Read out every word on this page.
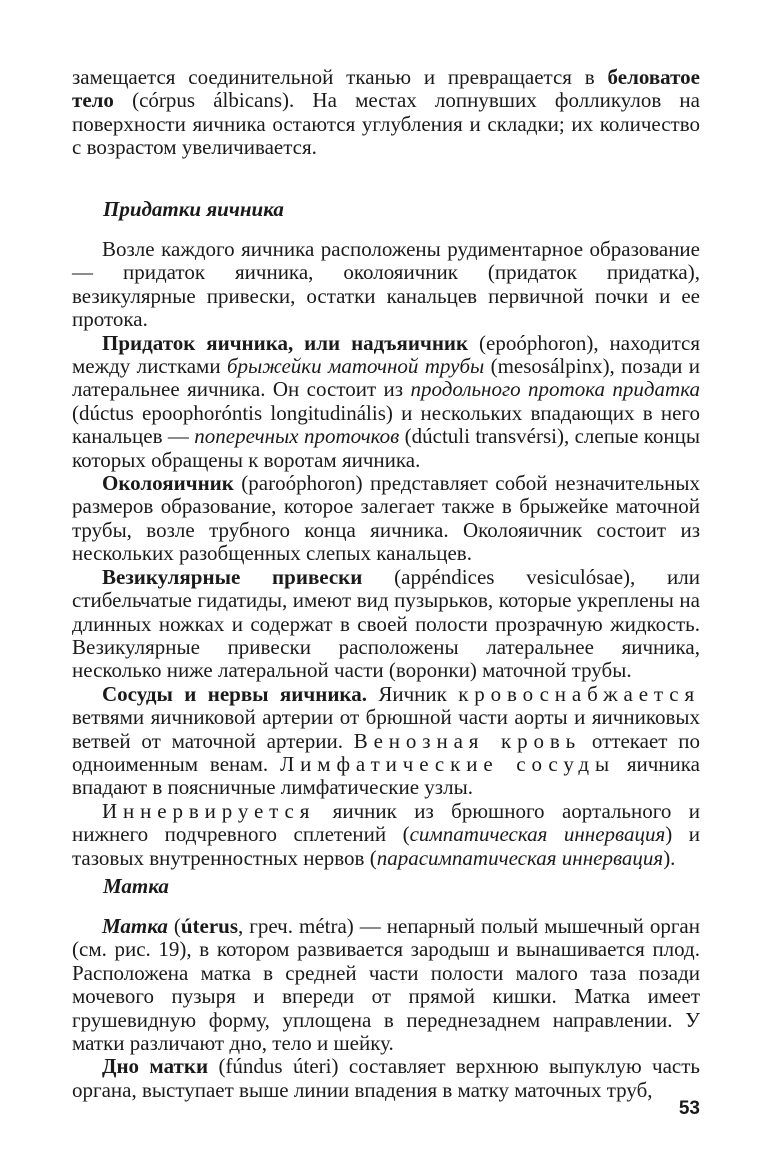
замещается соединительной тканью и превращается в беловатое тело (córpus álbicans). На местах лопнувших фолликулов на поверхности яичника остаются углубления и складки; их количество с возрастом увеличивается.

Придатки яичника

Возле каждого яичника расположены рудиментарное образование — придаток яичника, околояичник (придаток придатка), везикулярные привески, остатки канальцев первичной почки и ее протока.

Придаток яичника, или надъяичник (epoóphoron), находится между листками брыжейки маточной трубы (mesosálpinx), позади и латеральнее яичника. Он состоит из продольного протока придатка (dúctus epoophoróntis longitudinális) и нескольких впадающих в него канальцев — поперечных проточков (dúctuli transvérsi), слепые концы которых обращены к воротам яичника.

Околояичник (paroóphoron) представляет собой незначительных размеров образование, которое залегает также в брыжейке маточной трубы, возле трубного конца яичника. Околояичник состоит из нескольких разобщенных слепых канальцев.

Везикулярные привески (appéndices vesiculósae), или стибельчатые гидатиды, имеют вид пузырьков, которые укреплены на длинных ножках и содержат в своей полости прозрачную жидкость. Везикулярные привески расположены латеральнее яичника, несколько ниже латеральной части (воронки) маточной трубы.

Сосуды и нервы яичника. Яичник кровоснабжается ветвями яичниковой артерии от брюшной части аорты и яичниковых ветвей от маточной артерии. Венозная кровь оттекает по одноименным венам. Лимфатические сосуды яичника впадают в поясничные лимфатические узлы.

Иннервируется яичник из брюшного аортального и нижнего подчревного сплетений (симпатическая иннервация) и тазовых внутренностных нервов (парасимпатическая иннервация).

Матка

Матка (úterus, греч. métra) — непарный полый мышечный орган (см. рис. 19), в котором развивается зародыш и вынашивается плод. Расположена матка в средней части полости малого таза позади мочевого пузыря и впереди от прямой кишки. Матка имеет грушевидную форму, уплощена в переднезаднем направлении. У матки различают дно, тело и шейку.

Дно матки (fúndus úteri) составляет верхнюю выпуклую часть органа, выступает выше линии впадения в матку маточных труб,

53
